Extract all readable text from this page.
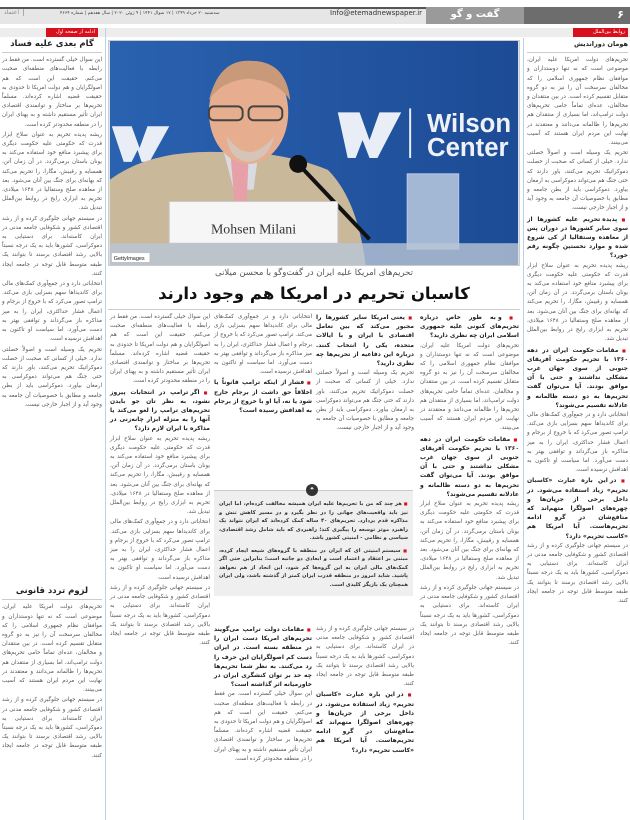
۶
گفت و گو
Info@etemadnewspaper.ir
سه‌شنبه ۲۰ خرداد ۱۳۹۹ | ۱۷ شوال ۱۴۴۱ | ۹ ژوئن ۲۰۲۰ | سال هفدهم | شماره ۴۶۶۴
اعتماد
روابط بین‌الملل
ادامه از صفحه اول
گام بعدی علیه فساد

این سوال خیلی گسترده است. من فقط در رابطه با فعالیت‌های منطقه‌ای صحبت می‌کنم. حقیقت این است که هم اصولگرایان و هم دولت امریکا تا حدودی به حقیقت قضیه اشاره کرده‌اند. مسلماً تحریم‌ها بر ساختار و توانمندی اقتصادی ایران تأثیر مستقیم داشته و به پهنای ایران را در منطقه محدودتر کرده است.

ریشه پدیده تحریم به عنوان سلاح ابزار قدرت که حکومتی علیه حکومت دیگری برای پیشبرد منافع خود استفاده می‌کند به یونان باستان برمی‌گردد. در آن زمان آتن، همسایه و رقیبش، مگارا، را تحریم می‌کند که بهانه‌ای برای جنگ بین آنان می‌شود. بعد از معاهده صلح وستفالیا در ۱۶۴۸ میلادی، تحریم به ابزاری رایج در روابط بین‌الملل تبدیل شد.

در سیستم جهانی جلوگیری کرده و از رشد اقتصادی کشور و شکوفایی جامعه مدنی در ایران کاسته‌اند. برای دستیابی به دموکراسی، کشورها باید به یک درجه نسبتاً بالایی رشد اقتصادی برسند تا بتوانند یک طبقه متوسط قابل توجه در جامعه ایجاد کنند.

انتخاباتی دارد و در جمع‌آوری کمک‌های مالی برای کاندیداها سهم بسزایی بازی می‌کند. ترامپ تصور می‌کرد که با خروج از برجام و اعمال فشار حداکثری، ایران را به میز مذاکره باز می‌گرداند و توافقی بهتر به دست می‌آورد. اما سیاست او تاکنون به اهدافش نرسیده است.

تحریم یک وسیله است و اصولاً خصلتی ندارد. خیلی از کسانی که صحبت از خصلت دموکراتیک تحریم می‌کنند، باور دارند که حتی جنگ هم می‌تواند دموکراسی به ارمغان بیاورد. دموکراسی باید از بطن جامعه و مطابق با خصوصیات آن جامعه به وجود آید و از اجبار خارجی نیست.

لزوم تردد قانونی

تحریم‌های دولت امریکا علیه ایران، موضوعی است که نه تنها دوستداران و موافقان نظام جمهوری اسلامی را که مخالفان سرسخت آن را نیز به دو گروه متقابل تقسیم کرده است. در بین منتقدان و مخالفان، عده‌ای تماماً حامی تحریم‌های دولت ترامپ‌اند، اما بسیاری از منتقدان هم تحریم‌ها را ظالمانه می‌دانند و معتقدند در نهایت این مردم ایران هستند که آسیب می‌بینند.

در سیستم جهانی جلوگیری کرده و از رشد اقتصادی کشور و شکوفایی جامعه مدنی در ایران کاسته‌اند. برای دستیابی به دموکراسی، کشورها باید به یک درجه نسبتاً بالایی رشد اقتصادی برسند تا بتوانند یک طبقه متوسط قابل توجه در جامعه ایجاد کنند.

هومان دوراندیش

تحریم‌های دولت امریکا علیه ایران، موضوعی است که نه تنها دوستداران و موافقان نظام جمهوری اسلامی را که مخالفان سرسخت آن را نیز به دو گروه متقابل تقسیم کرده است. در بین منتقدان و مخالفان، عده‌ای تماماً حامی تحریم‌های دولت ترامپ‌اند، اما بسیاری از منتقدان هم تحریم‌ها را ظالمانه می‌دانند و معتقدند در نهایت این مردم ایران هستند که آسیب می‌بینند.

تحریم یک وسیله است و اصولاً خصلتی ندارد. خیلی از کسانی که صحبت از خصلت دموکراتیک تحریم می‌کنند، باور دارند که حتی جنگ هم می‌تواند دموکراسی به ارمغان بیاورد. دموکراسی باید از بطن جامعه و مطابق با خصوصیات آن جامعه به وجود آید و از اجبار خارجی نیست.

■ پدیده تحریم علیه کشورها از سوی سایر کشورها در دوران پس از معاهده وستفالیا از کی شروع شده و موارد نخستین چگونه رقم خورد؟

ریشه پدیده تحریم به عنوان سلاح ابزار قدرت که حکومتی علیه حکومت دیگری برای پیشبرد منافع خود استفاده می‌کند به یونان باستان برمی‌گردد. در آن زمان آتن، همسایه و رقیبش، مگارا، را تحریم می‌کند که بهانه‌ای برای جنگ بین آنان می‌شود. بعد از معاهده صلح وستفالیا در ۱۶۴۸ میلادی، تحریم به ابزاری رایج در روابط بین‌الملل تبدیل شد.

■ مقامات حکومت ایران در دهه ۱۳۶۰ با تحریم حکومت آفریقای جنوبی از سوی جهان غرب مشکلی نداشتند و حتی با آن موافق بودند. آیا می‌توان گفت تحریم‌ها به دو دسته ظالمانه و عادلانه تقسیم می‌شوند؟

انتخاباتی دارد و در جمع‌آوری کمک‌های مالی برای کاندیداها سهم بسزایی بازی می‌کند. ترامپ تصور می‌کرد که با خروج از برجام و اعمال فشار حداکثری، ایران را به میز مذاکره باز می‌گرداند و توافقی بهتر به دست می‌آورد. اما سیاست او تاکنون به اهدافش نرسیده است.

■ در این باره عبارت «کاسبان تحریم» زیاد استفاده می‌شود. در داخل برخی از جریان‌ها و چهره‌های اصولگرا متهم‌اند که منافع‌شان در گرو ادامه تحریم‌هاست. آیا امریکا هم «کاسب تحریم» دارد؟

در سیستم جهانی جلوگیری کرده و از رشد اقتصادی کشور و شکوفایی جامعه مدنی در ایران کاسته‌اند. برای دستیابی به دموکراسی، کشورها باید به یک درجه نسبتاً بالایی رشد اقتصادی برسند تا بتوانند یک طبقه متوسط قابل توجه در جامعه ایجاد کنند.

Wilson
Center
Mohsen Milani
GettyImages
تحریم‌های امریکا علیه ایران در گفت‌و‌گو با محسن میلانی
کاسبان تحریم در امریکا هم وجود دارند

■ و به طور خاص درباره تحریم‌های کنونی علیه جمهوری اسلامی ایران چه نظری دارید؟

تحریم‌های دولت امریکا علیه ایران، موضوعی است که نه تنها دوستداران و موافقان نظام جمهوری اسلامی را که مخالفان سرسخت آن را نیز به دو گروه متقابل تقسیم کرده است. در بین منتقدان و مخالفان، عده‌ای تماماً حامی تحریم‌های دولت ترامپ‌اند، اما بسیاری از منتقدان هم تحریم‌ها را ظالمانه می‌دانند و معتقدند در نهایت این مردم ایران هستند که آسیب می‌بینند.

■ مقامات حکومت ایران در دهه ۱۳۶۰ با تحریم حکومت آفریقای جنوبی از سوی جهان غرب مشکلی نداشتند و حتی با آن موافق بودند. آیا می‌توان گفت تحریم‌ها به دو دسته ظالمانه و عادلانه تقسیم می‌شوند؟

ریشه پدیده تحریم به عنوان سلاح ابزار قدرت که حکومتی علیه حکومت دیگری برای پیشبرد منافع خود استفاده می‌کند به یونان باستان برمی‌گردد. در آن زمان آتن، همسایه و رقیبش، مگارا، را تحریم می‌کند که بهانه‌ای برای جنگ بین آنان می‌شود. بعد از معاهده صلح وستفالیا در ۱۶۴۸ میلادی، تحریم به ابزاری رایج در روابط بین‌الملل تبدیل شد.

در سیستم جهانی جلوگیری کرده و از رشد اقتصادی کشور و شکوفایی جامعه مدنی در ایران کاسته‌اند. برای دستیابی به دموکراسی، کشورها باید به یک درجه نسبتاً بالایی رشد اقتصادی برسند تا بتوانند یک طبقه متوسط قابل توجه در جامعه ایجاد کنند.

■ یعنی امریکا سایر کشورها را مجبور می‌کند که بین تعامل اقتصادی با ایران و با ایالات متحده، یکی را انتخاب کنند. درباره این دفاعیه از تحریم‌ها چه نظری دارید؟

تحریم یک وسیله است و اصولاً خصلتی ندارد. خیلی از کسانی که صحبت از خصلت دموکراتیک تحریم می‌کنند، باور دارند که حتی جنگ هم می‌تواند دموکراسی به ارمغان بیاورد. دموکراسی باید از بطن جامعه و مطابق با خصوصیات آن جامعه به وجود آید و از اجبار خارجی نیست.

انتخاباتی دارد و در جمع‌آوری کمک‌های مالی برای کاندیداها سهم بسزایی بازی می‌کند. ترامپ تصور می‌کرد که با خروج از برجام و اعمال فشار حداکثری، ایران را به میز مذاکره باز می‌گرداند و توافقی بهتر به دست می‌آورد. اما سیاست او تاکنون به اهدافش نرسیده است.

■ فشار از اینکه ترامپ قانوناً یا اخلاقاً حق داشت از برجام خارج شود یا نه، آیا او با خروج از برجام به اهدافش رسیده است؟

این سوال خیلی گسترده است. من فقط در رابطه با فعالیت‌های منطقه‌ای صحبت می‌کنم. حقیقت این است که هم اصولگرایان و هم دولت امریکا تا حدودی به حقیقت قضیه اشاره کرده‌اند. مسلماً تحریم‌ها بر ساختار و توانمندی اقتصادی ایران تأثیر مستقیم داشته و به پهنای ایران را در منطقه محدودتر کرده است.

■ اگر ترامپ در انتخابات پیروز نشود، به نظر تان جو بایدن تحریم‌های ترامپ را لغو می‌کند یا آنها را به منزله ابزار چانه‌زنی در مذاکره با ایران لازم دارد؟

ریشه پدیده تحریم به عنوان سلاح ابزار قدرت که حکومتی علیه حکومت دیگری برای پیشبرد منافع خود استفاده می‌کند به یونان باستان برمی‌گردد. در آن زمان آتن، همسایه و رقیبش، مگارا، را تحریم می‌کند که بهانه‌ای برای جنگ بین آنان می‌شود. بعد از معاهده صلح وستفالیا در ۱۶۴۸ میلادی، تحریم به ابزاری رایج در روابط بین‌الملل تبدیل شد.

انتخاباتی دارد و در جمع‌آوری کمک‌های مالی برای کاندیداها سهم بسزایی بازی می‌کند. ترامپ تصور می‌کرد که با خروج از برجام و اعمال فشار حداکثری، ایران را به میز مذاکره باز می‌گرداند و توافقی بهتر به دست می‌آورد. اما سیاست او تاکنون به اهدافش نرسیده است.

در سیستم جهانی جلوگیری کرده و از رشد اقتصادی کشور و شکوفایی جامعه مدنی در ایران کاسته‌اند. برای دستیابی به دموکراسی، کشورها باید به یک درجه نسبتاً بالایی رشد اقتصادی برسند تا بتوانند یک طبقه متوسط قابل توجه در جامعه ایجاد کنند.

در سیستم جهانی جلوگیری کرده و از رشد اقتصادی کشور و شکوفایی جامعه مدنی در ایران کاسته‌اند. برای دستیابی به دموکراسی، کشورها باید به یک درجه نسبتاً بالایی رشد اقتصادی برسند تا بتوانند یک طبقه متوسط قابل توجه در جامعه ایجاد کنند.

■ در این باره عبارت «کاسبان تحریم» زیاد استفاده می‌شود. در داخل برخی از جریان‌ها و چهره‌های اصولگرا متهم‌اند که منافع‌شان در گرو ادامه تحریم‌هاست. آیا امریکا هم «کاسب تحریم» دارد؟

■ مقامات دولت ترامپ می‌گویند تحریم‌های امریکا دست ایران را در منطقه بسته است. در ایران دست کم اصولگرایان این حرف را رد می‌کنند. به نظر شما تحریم‌ها چه حد بر توان کنشگری ایران در خاورمیانه اثر گذاشته است؟

این سوال خیلی گسترده است. من فقط در رابطه با فعالیت‌های منطقه‌ای صحبت می‌کنم. حقیقت این است که هم اصولگرایان و هم دولت امریکا تا حدودی به حقیقت قضیه اشاره کرده‌اند. مسلماً تحریم‌ها بر ساختار و توانمندی اقتصادی ایران تأثیر مستقیم داشته و به پهنای ایران را در منطقه محدودتر کرده است.

■ هر چند که من با تحریم‌ها علیه ایران همیشه مخالفت کرده‌ام، اما ایران نیز باید واقعیت‌های جهانی را در نظر بگیرد و در مسیر کاهش تنش و مذاکره قدم بردارد. تحریم‌های ۴۰ ساله کمک کرده‌اند که ایران نتواند یک راهبرد موثر توسعه را پیگیری کند؛ راهبردی که باید شامل رشد اقتصادی، سیاسی و نظامی - امنیتی کشور باشد.

■ سیستم امنیتی ای که ایران در منطقه با گروه‌های شیعه ایجاد کرده، مبتنی بر اعتقاد و اعتماد است و ابعادی دو جانبه است؛ بنابراین حتی اگر کمک‌های مالی ایران به این گروه‌ها کم شود، این اتحاد از هم نخواهد پاشید. شاید امروز در منطقه قدرت ایران کمتر از گذشته باشد، ولی ایران همچنان یک بازیگر کلیدی است.

❝
